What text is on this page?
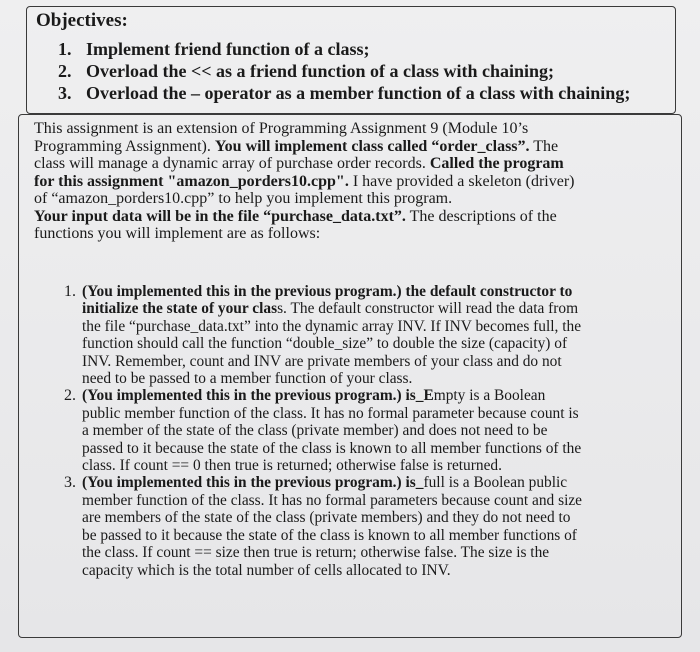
Objectives:
1. Implement friend function of a class;
2. Overload the << as a friend function of a class with chaining;
3. Overload the – operator as a member function of a class with chaining;
This assignment is an extension of Programming Assignment 9 (Module 10’s
Programming Assignment). You will implement class called “order_class”. The
class will manage a dynamic array of purchase order records. Called the program
for this assignment "amazon_porders10.cpp". I have provided a skeleton (driver)
of “amazon_porders10.cpp” to help you implement this program.
Your input data will be in the file “purchase_data.txt”. The descriptions of the
functions you will implement are as follows:
1. (You implemented this in the previous program.) the default constructor to
initialize the state of your class. The default constructor will read the data from
the file “purchase_data.txt” into the dynamic array INV. If INV becomes full, the
function should call the function “double_size” to double the size (capacity) of
INV. Remember, count and INV are private members of your class and do not
need to be passed to a member function of your class.
2. (You implemented this in the previous program.) is_Empty is a Boolean
public member function of the class. It has no formal parameter because count is
a member of the state of the class (private member) and does not need to be
passed to it because the state of the class is known to all member functions of the
class. If count == 0 then true is returned; otherwise false is returned.
3. (You implemented this in the previous program.) is_full is a Boolean public
member function of the class. It has no formal parameters because count and size
are members of the state of the class (private members) and they do not need to
be passed to it because the state of the class is known to all member functions of
the class. If count == size then true is return; otherwise false. The size is the
capacity which is the total number of cells allocated to INV.
